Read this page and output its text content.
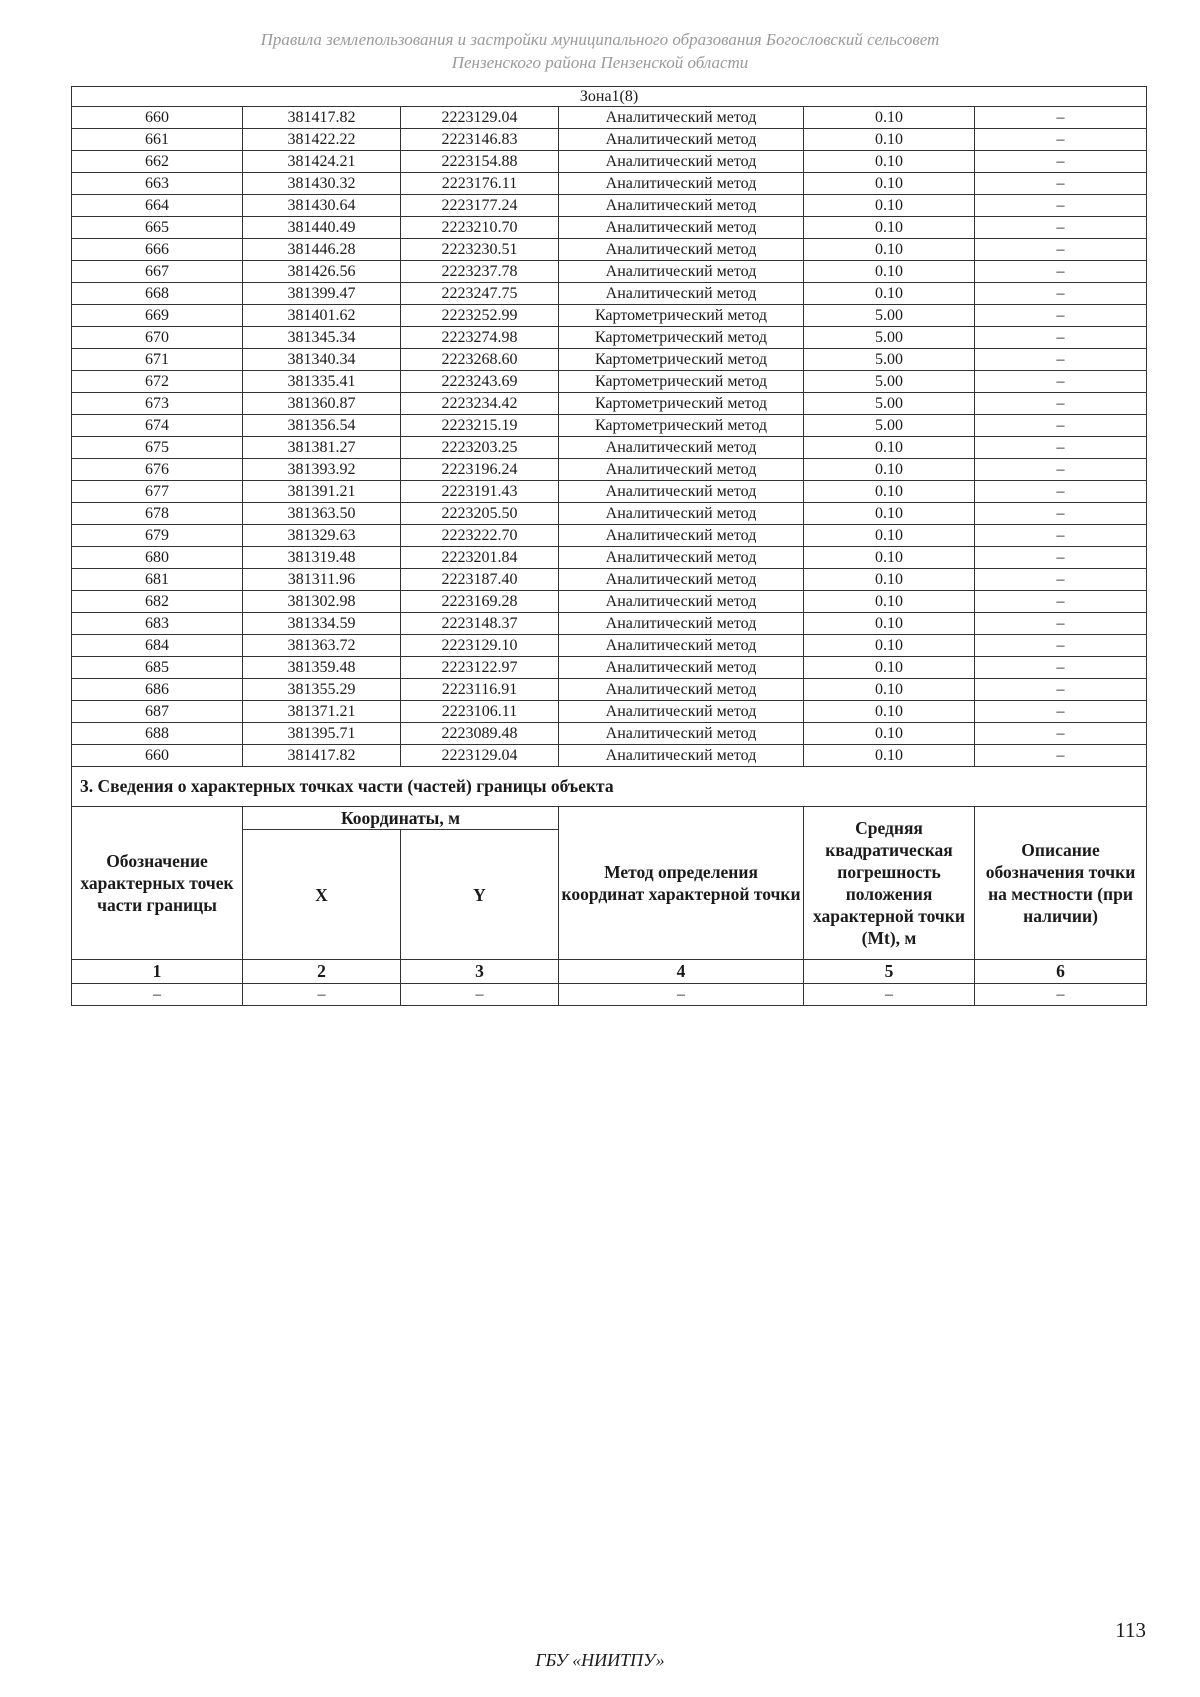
Правила землепользования и застройки муниципального образования Богословский сельсовет
Пензенского района Пензенской области
Зона1(8)					
660	381417.82	2223129.04	Аналитический метод	0.10	–
661	381422.22	2223146.83	Аналитический метод	0.10	–
662	381424.21	2223154.88	Аналитический метод	0.10	–
663	381430.32	2223176.11	Аналитический метод	0.10	–
664	381430.64	2223177.24	Аналитический метод	0.10	–
665	381440.49	2223210.70	Аналитический метод	0.10	–
666	381446.28	2223230.51	Аналитический метод	0.10	–
667	381426.56	2223237.78	Аналитический метод	0.10	–
668	381399.47	2223247.75	Аналитический метод	0.10	–
669	381401.62	2223252.99	Картометрический метод	5.00	–
670	381345.34	2223274.98	Картометрический метод	5.00	–
671	381340.34	2223268.60	Картометрический метод	5.00	–
672	381335.41	2223243.69	Картометрический метод	5.00	–
673	381360.87	2223234.42	Картометрический метод	5.00	–
674	381356.54	2223215.19	Картометрический метод	5.00	–
675	381381.27	2223203.25	Аналитический метод	0.10	–
676	381393.92	2223196.24	Аналитический метод	0.10	–
677	381391.21	2223191.43	Аналитический метод	0.10	–
678	381363.50	2223205.50	Аналитический метод	0.10	–
679	381329.63	2223222.70	Аналитический метод	0.10	–
680	381319.48	2223201.84	Аналитический метод	0.10	–
681	381311.96	2223187.40	Аналитический метод	0.10	–
682	381302.98	2223169.28	Аналитический метод	0.10	–
683	381334.59	2223148.37	Аналитический метод	0.10	–
684	381363.72	2223129.10	Аналитический метод	0.10	–
685	381359.48	2223122.97	Аналитический метод	0.10	–
686	381355.29	2223116.91	Аналитический метод	0.10	–
687	381371.21	2223106.11	Аналитический метод	0.10	–
688	381395.71	2223089.48	Аналитический метод	0.10	–
660	381417.82	2223129.04	Аналитический метод	0.10	–
3. Сведения о характерных точках части (частей) границы объекта					
Обозначение характерных точек части границы	Координаты, м		Метод определения координат характерной точки	Средняя квадратическая погрешность положения характерной точки (Mt), м	Описание обозначения точки на местности (при наличии)
	X	Y			
1	2	3	4	5	6
–	–	–	–	–	–
113
ГБУ «НИИТПУ»
